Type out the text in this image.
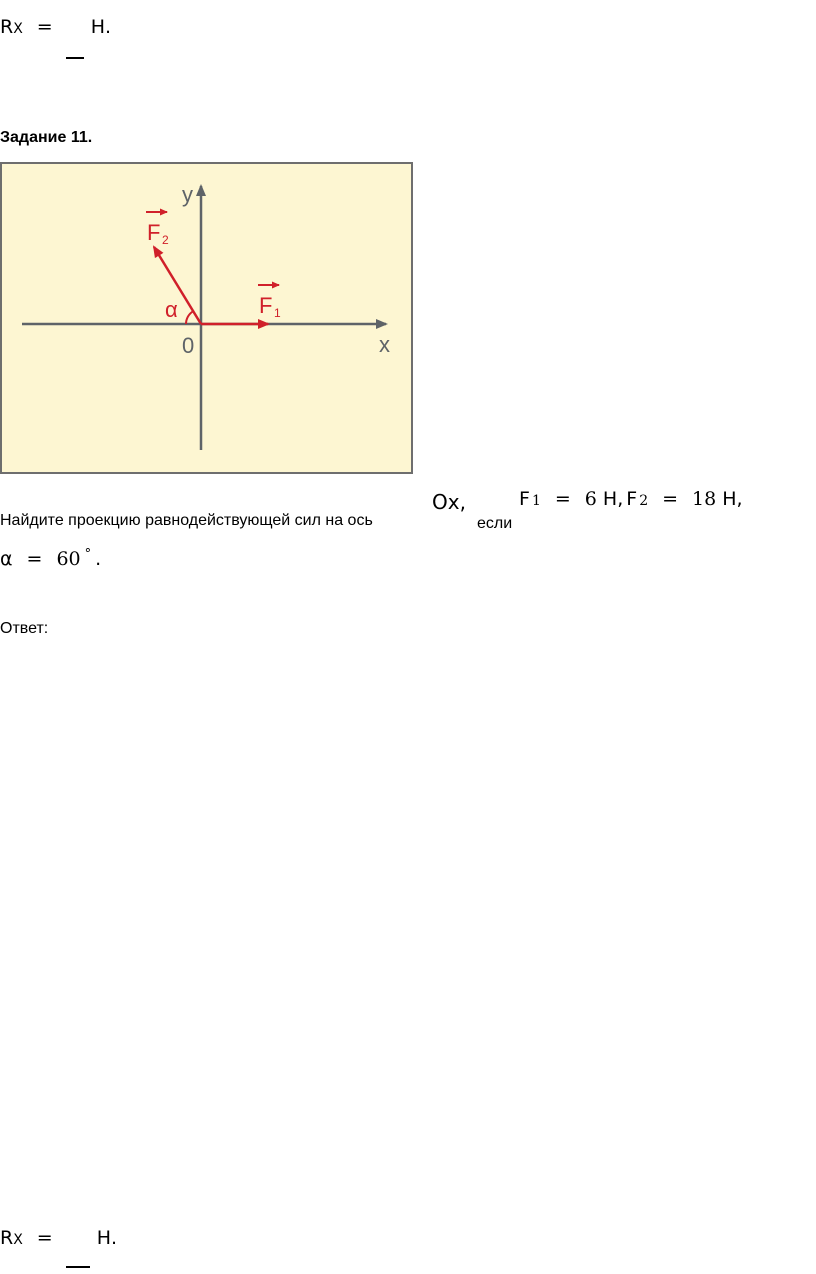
RX = Н.
Задание 11.
y
x
0
α
F 2
F 1
Найдите проекцию равнодействующей сил на ось
Ox,
если
F 1 = 6 Н, F 2 = 18 Н,
α = 60 ° .
Ответ:
RX = Н.
